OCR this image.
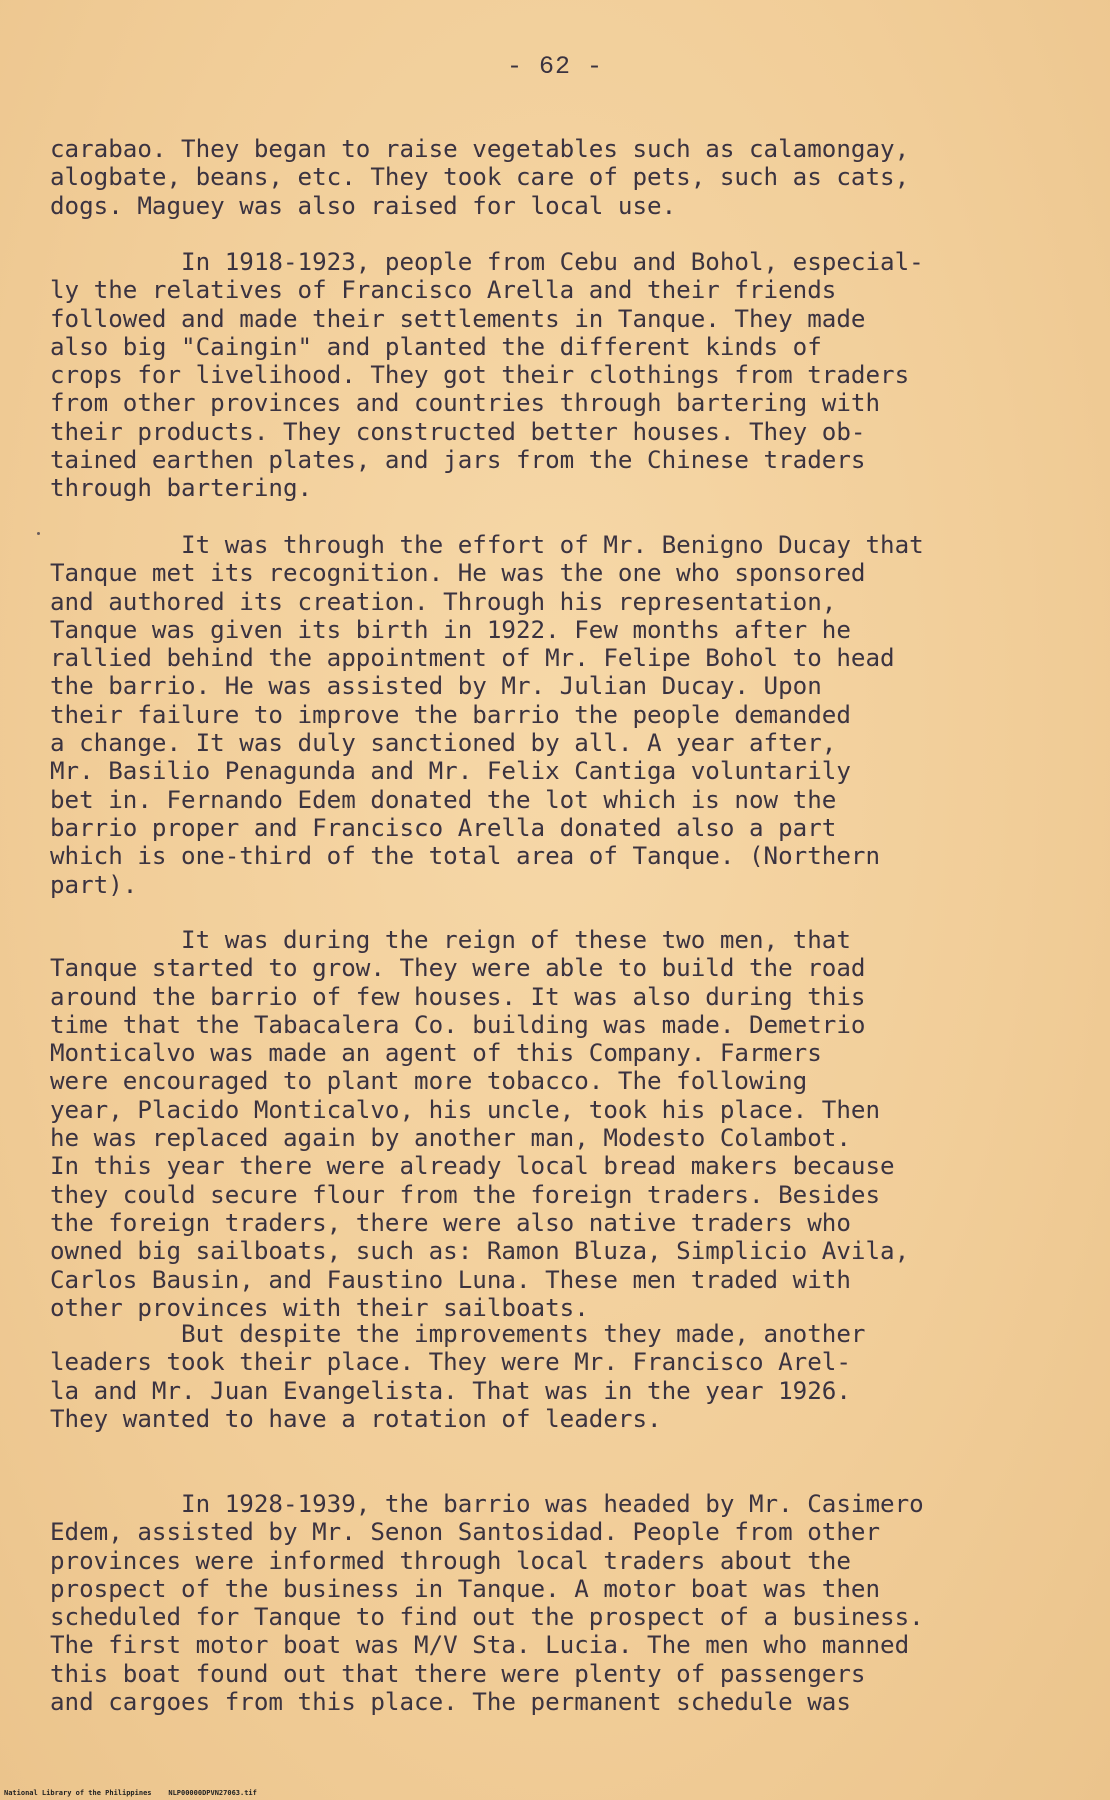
- 62 -
carabao. They began to raise vegetables such as calamongay,
alogbate, beans, etc. They took care of pets, such as cats,
dogs. Maguey was also raised for local use.
In 1918-1923, people from Cebu and Bohol, especial-
ly the relatives of Francisco Arella and their friends
followed and made their settlements in Tanque. They made
also big "Caingin" and planted the different kinds of
crops for livelihood. They got their clothings from traders
from other provinces and countries through bartering with
their products. They constructed better houses. They ob-
tained earthen plates, and jars from the Chinese traders
through bartering.
It was through the effort of Mr. Benigno Ducay that
Tanque met its recognition. He was the one who sponsored
and authored its creation. Through his representation,
Tanque was given its birth in 1922. Few months after he
rallied behind the appointment of Mr. Felipe Bohol to head
the barrio. He was assisted by Mr. Julian Ducay. Upon
their failure to improve the barrio the people demanded
a change. It was duly sanctioned by all. A year after,
Mr. Basilio Penagunda and Mr. Felix Cantiga voluntarily
bet in. Fernando Edem donated the lot which is now the
barrio proper and Francisco Arella donated also a part
which is one-third of the total area of Tanque. (Northern
part).
It was during the reign of these two men, that
Tanque started to grow. They were able to build the road
around the barrio of few houses. It was also during this
time that the Tabacalera Co. building was made. Demetrio
Monticalvo was made an agent of this Company. Farmers
were encouraged to plant more tobacco. The following
year, Placido Monticalvo, his uncle, took his place. Then
he was replaced again by another man, Modesto Colambot.
In this year there were already local bread makers because
they could secure flour from the foreign traders. Besides
the foreign traders, there were also native traders who
owned big sailboats, such as: Ramon Bluza, Simplicio Avila,
Carlos Bausin, and Faustino Luna. These men traded with
other provinces with their sailboats.
But despite the improvements they made, another
leaders took their place. They were Mr. Francisco Arel-
la and Mr. Juan Evangelista. That was in the year 1926.
They wanted to have a rotation of leaders.
In 1928-1939, the barrio was headed by Mr. Casimero
Edem, assisted by Mr. Senon Santosidad. People from other
provinces were informed through local traders about the
prospect of the business in Tanque. A motor boat was then
scheduled for Tanque to find out the prospect of a business.
The first motor boat was M/V Sta. Lucia. The men who manned
this boat found out that there were plenty of passengers
and cargoes from this place. The permanent schedule was
National Library of the Philippines    NLP00000DPVN27063.tif
